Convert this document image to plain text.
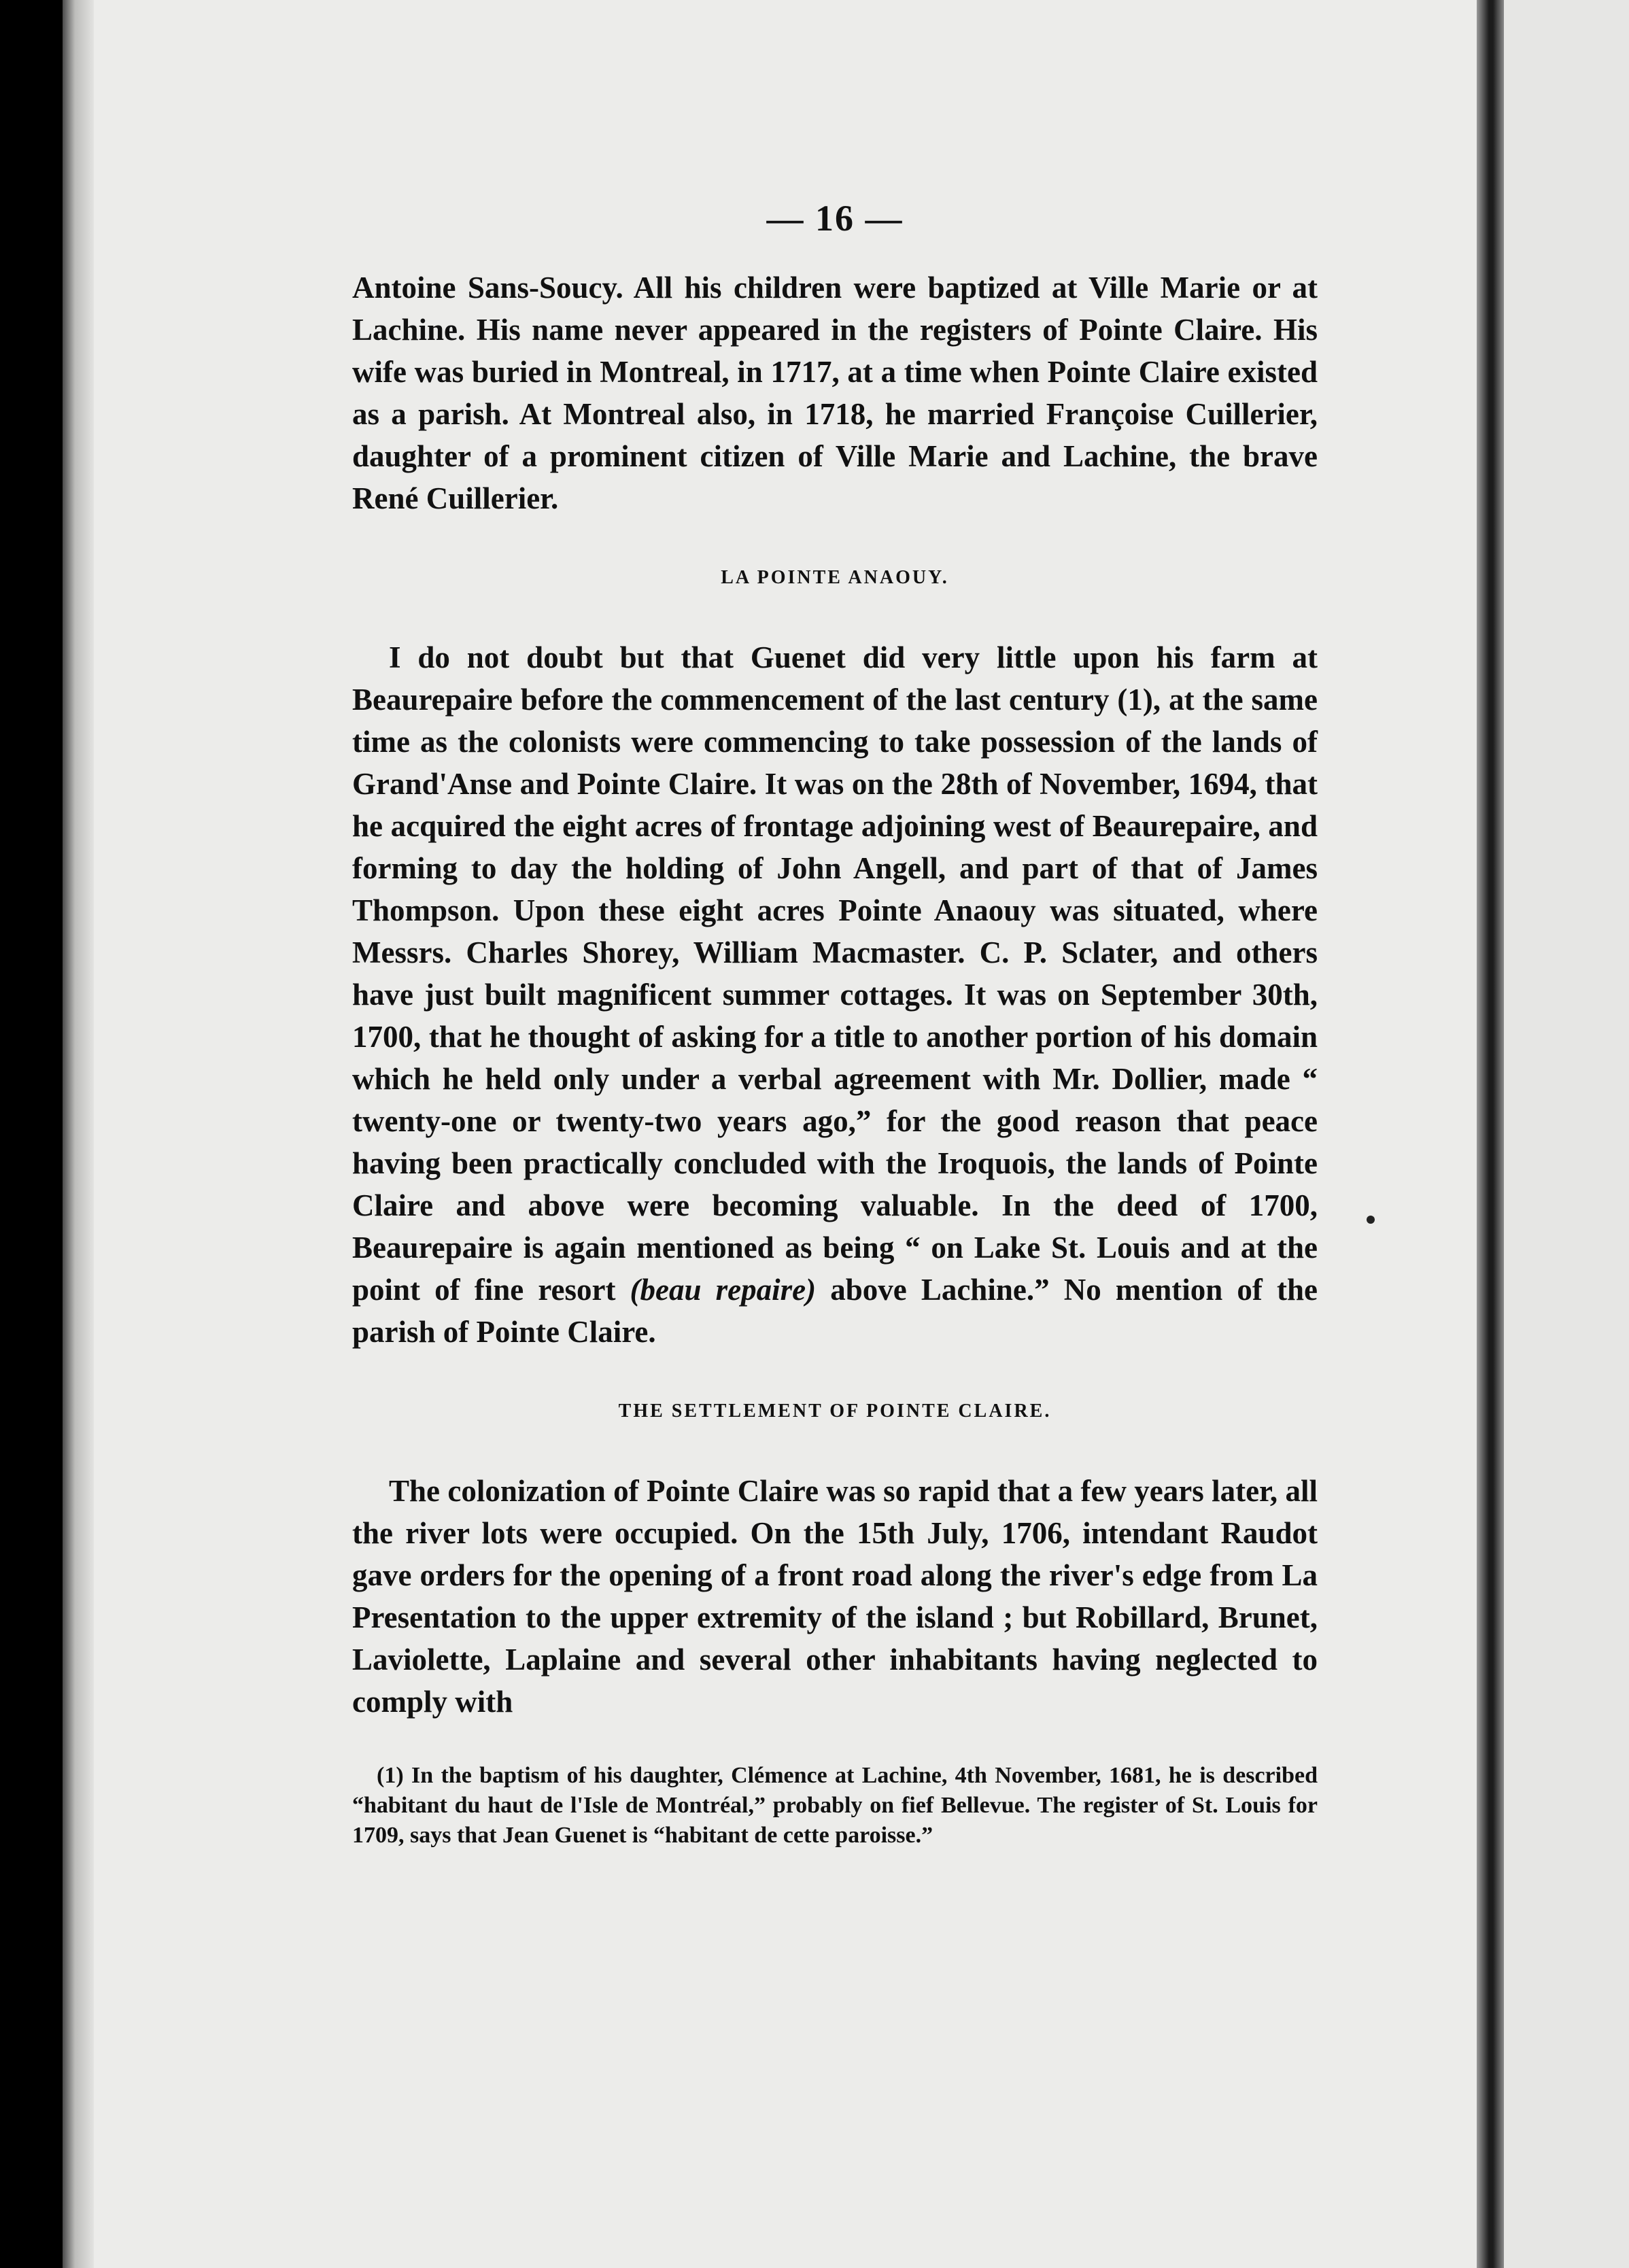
— 16 —

Antoine Sans-Soucy. All his children were baptized at Ville Marie or at Lachine. His name never appeared in the registers of Pointe Claire. His wife was buried in Montreal, in 1717, at a time when Pointe Claire existed as a parish. At Montreal also, in 1718, he married Françoise Cuillerier, daughter of a prominent citizen of Ville Marie and Lachine, the brave René Cuillerier.

LA POINTE ANAOUY.

I do not doubt but that Guenet did very little upon his farm at Beaurepaire before the commencement of the last century (1), at the same time as the colonists were commencing to take possession of the lands of Grand'Anse and Pointe Claire. It was on the 28th of November, 1694, that he acquired the eight acres of frontage adjoining west of Beaurepaire, and forming to day the holding of John Angell, and part of that of James Thompson. Upon these eight acres Pointe Anaouy was situated, where Messrs. Charles Shorey, William Macmaster. C. P. Sclater, and others have just built magnificent summer cottages. It was on September 30th, 1700, that he thought of asking for a title to another portion of his domain which he held only under a verbal agreement with Mr. Dollier, made “ twenty-one or twenty-two years ago,” for the good reason that peace having been practically concluded with the Iroquois, the lands of Pointe Claire and above were becoming valuable. In the deed of 1700, Beaurepaire is again mentioned as being “ on Lake St. Louis and at the point of fine resort (beau repaire) above Lachine.” No mention of the parish of Pointe Claire.

THE SETTLEMENT OF POINTE CLAIRE.

The colonization of Pointe Claire was so rapid that a few years later, all the river lots were occupied. On the 15th July, 1706, intendant Raudot gave orders for the opening of a front road along the river's edge from La Presentation to the upper extremity of the island ; but Robillard, Brunet, Laviolette, Laplaine and several other inhabitants having neglected to comply with

(1) In the baptism of his daughter, Clémence at Lachine, 4th November, 1681, he is described “habitant du haut de l'Isle de Montréal,” probably on fief Bellevue. The register of St. Louis for 1709, says that Jean Guenet is “habitant de cette paroisse.”
